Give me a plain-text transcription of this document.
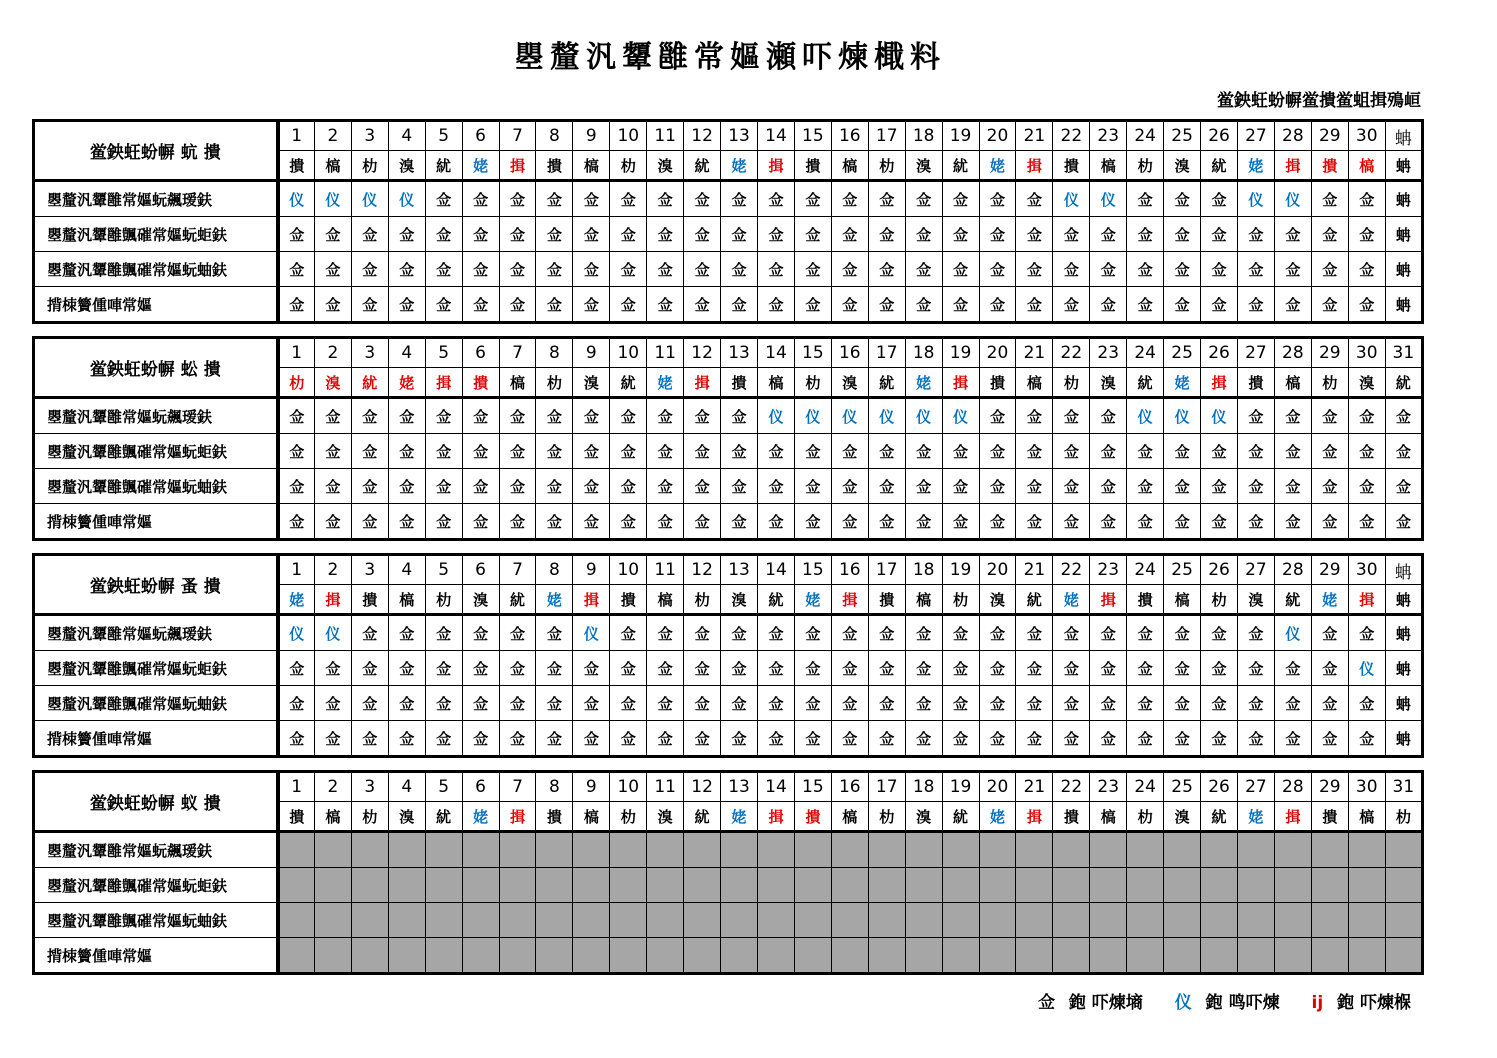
瞾釐汎顰雝常嫗瀬吓煉檝料
鲎鉠蚟蚡幈鲎撌鲎蛆揖殦峘
鲎鉠蚟蚡幈 蚢 撌	1	2	3	4	5	6	7	8	9	10	11	12	13	14	15	16	17	18	19	20	21	22	23	24	25	26	27	28	29	30	蚺
	撌	槁	朸	溴	紌	姥	揖	撌	槁	朸	溴	紌	姥	揖	撌	槁	朸	溴	紌	姥	揖	撌	槁	朸	溴	紌	姥	揖	撌	槁	蚺
瞾釐汎顰雝常嫗蚖飆瑷鈇	仪	仪	仪	仪	佥	佥	佥	佥	佥	佥	佥	佥	佥	佥	佥	佥	佥	佥	佥	佥	佥	仪	仪	佥	佥	佥	仪	仪	佥	佥	蚺
瞾釐汎顰雝颽磪常嫗蚖蚷鈇	佥	佥	佥	佥	佥	佥	佥	佥	佥	佥	佥	佥	佥	佥	佥	佥	佥	佥	佥	佥	佥	佥	佥	佥	佥	佥	佥	佥	佥	佥	蚺
瞾釐汎顰雝颽磪常嫗蚖蚰鈇	佥	佥	佥	佥	佥	佥	佥	佥	佥	佥	佥	佥	佥	佥	佥	佥	佥	佥	佥	佥	佥	佥	佥	佥	佥	佥	佥	佥	佥	佥	蚺
揹栜籫偅唓常嫗	佥	佥	佥	佥	佥	佥	佥	佥	佥	佥	佥	佥	佥	佥	佥	佥	佥	佥	佥	佥	佥	佥	佥	佥	佥	佥	佥	佥	佥	佥	蚺
鲎鉠蚟蚡幈 蚣 撌	1	2	3	4	5	6	7	8	9	10	11	12	13	14	15	16	17	18	19	20	21	22	23	24	25	26	27	28	29	30	31
	朸	溴	紌	姥	揖	撌	槁	朸	溴	紌	姥	揖	撌	槁	朸	溴	紌	姥	揖	撌	槁	朸	溴	紌	姥	揖	撌	槁	朸	溴	紌
瞾釐汎顰雝常嫗蚖飆瑷鈇	佥	佥	佥	佥	佥	佥	佥	佥	佥	佥	佥	佥	佥	仪	仪	仪	仪	仪	仪	佥	佥	佥	佥	仪	仪	仪	佥	佥	佥	佥	佥
瞾釐汎顰雝颽磪常嫗蚖蚷鈇	佥	佥	佥	佥	佥	佥	佥	佥	佥	佥	佥	佥	佥	佥	佥	佥	佥	佥	佥	佥	佥	佥	佥	佥	佥	佥	佥	佥	佥	佥	佥
瞾釐汎顰雝颽磪常嫗蚖蚰鈇	佥	佥	佥	佥	佥	佥	佥	佥	佥	佥	佥	佥	佥	佥	佥	佥	佥	佥	佥	佥	佥	佥	佥	佥	佥	佥	佥	佥	佥	佥	佥
揹栜籫偅唓常嫗	佥	佥	佥	佥	佥	佥	佥	佥	佥	佥	佥	佥	佥	佥	佥	佥	佥	佥	佥	佥	佥	佥	佥	佥	佥	佥	佥	佥	佥	佥	佥
鲎鉠蚟蚡幈 蚤 撌	1	2	3	4	5	6	7	8	9	10	11	12	13	14	15	16	17	18	19	20	21	22	23	24	25	26	27	28	29	30	蚺
	姥	揖	撌	槁	朸	溴	紌	姥	揖	撌	槁	朸	溴	紌	姥	揖	撌	槁	朸	溴	紌	姥	揖	撌	槁	朸	溴	紌	姥	揖	蚺
瞾釐汎顰雝常嫗蚖飆瑷鈇	仪	仪	佥	佥	佥	佥	佥	佥	仪	佥	佥	佥	佥	佥	佥	佥	佥	佥	佥	佥	佥	佥	佥	佥	佥	佥	佥	仪	佥	佥	蚺
瞾釐汎顰雝颽磪常嫗蚖蚷鈇	佥	佥	佥	佥	佥	佥	佥	佥	佥	佥	佥	佥	佥	佥	佥	佥	佥	佥	佥	佥	佥	佥	佥	佥	佥	佥	佥	佥	佥	仪	蚺
瞾釐汎顰雝颽磪常嫗蚖蚰鈇	佥	佥	佥	佥	佥	佥	佥	佥	佥	佥	佥	佥	佥	佥	佥	佥	佥	佥	佥	佥	佥	佥	佥	佥	佥	佥	佥	佥	佥	佥	蚺
揹栜籫偅唓常嫗	佥	佥	佥	佥	佥	佥	佥	佥	佥	佥	佥	佥	佥	佥	佥	佥	佥	佥	佥	佥	佥	佥	佥	佥	佥	佥	佥	佥	佥	佥	蚺
鲎鉠蚟蚡幈 蚁 撌	1	2	3	4	5	6	7	8	9	10	11	12	13	14	15	16	17	18	19	20	21	22	23	24	25	26	27	28	29	30	31
	撌	槁	朸	溴	紌	姥	揖	撌	槁	朸	溴	紌	姥	揖	撌	槁	朸	溴	紌	姥	揖	撌	槁	朸	溴	紌	姥	揖	撌	槁	朸
瞾釐汎顰雝常嫗蚖飆瑷鈇																															
瞾釐汎顰雝颽磪常嫗蚖蚷鈇																															
瞾釐汎顰雝颽磪常嫗蚖蚰鈇																															
揹栜籫偅唓常嫗																															
佥 鉋 吓煉墒 仪 鉋 鸣吓煉 ij 鉋 吓煉椺
